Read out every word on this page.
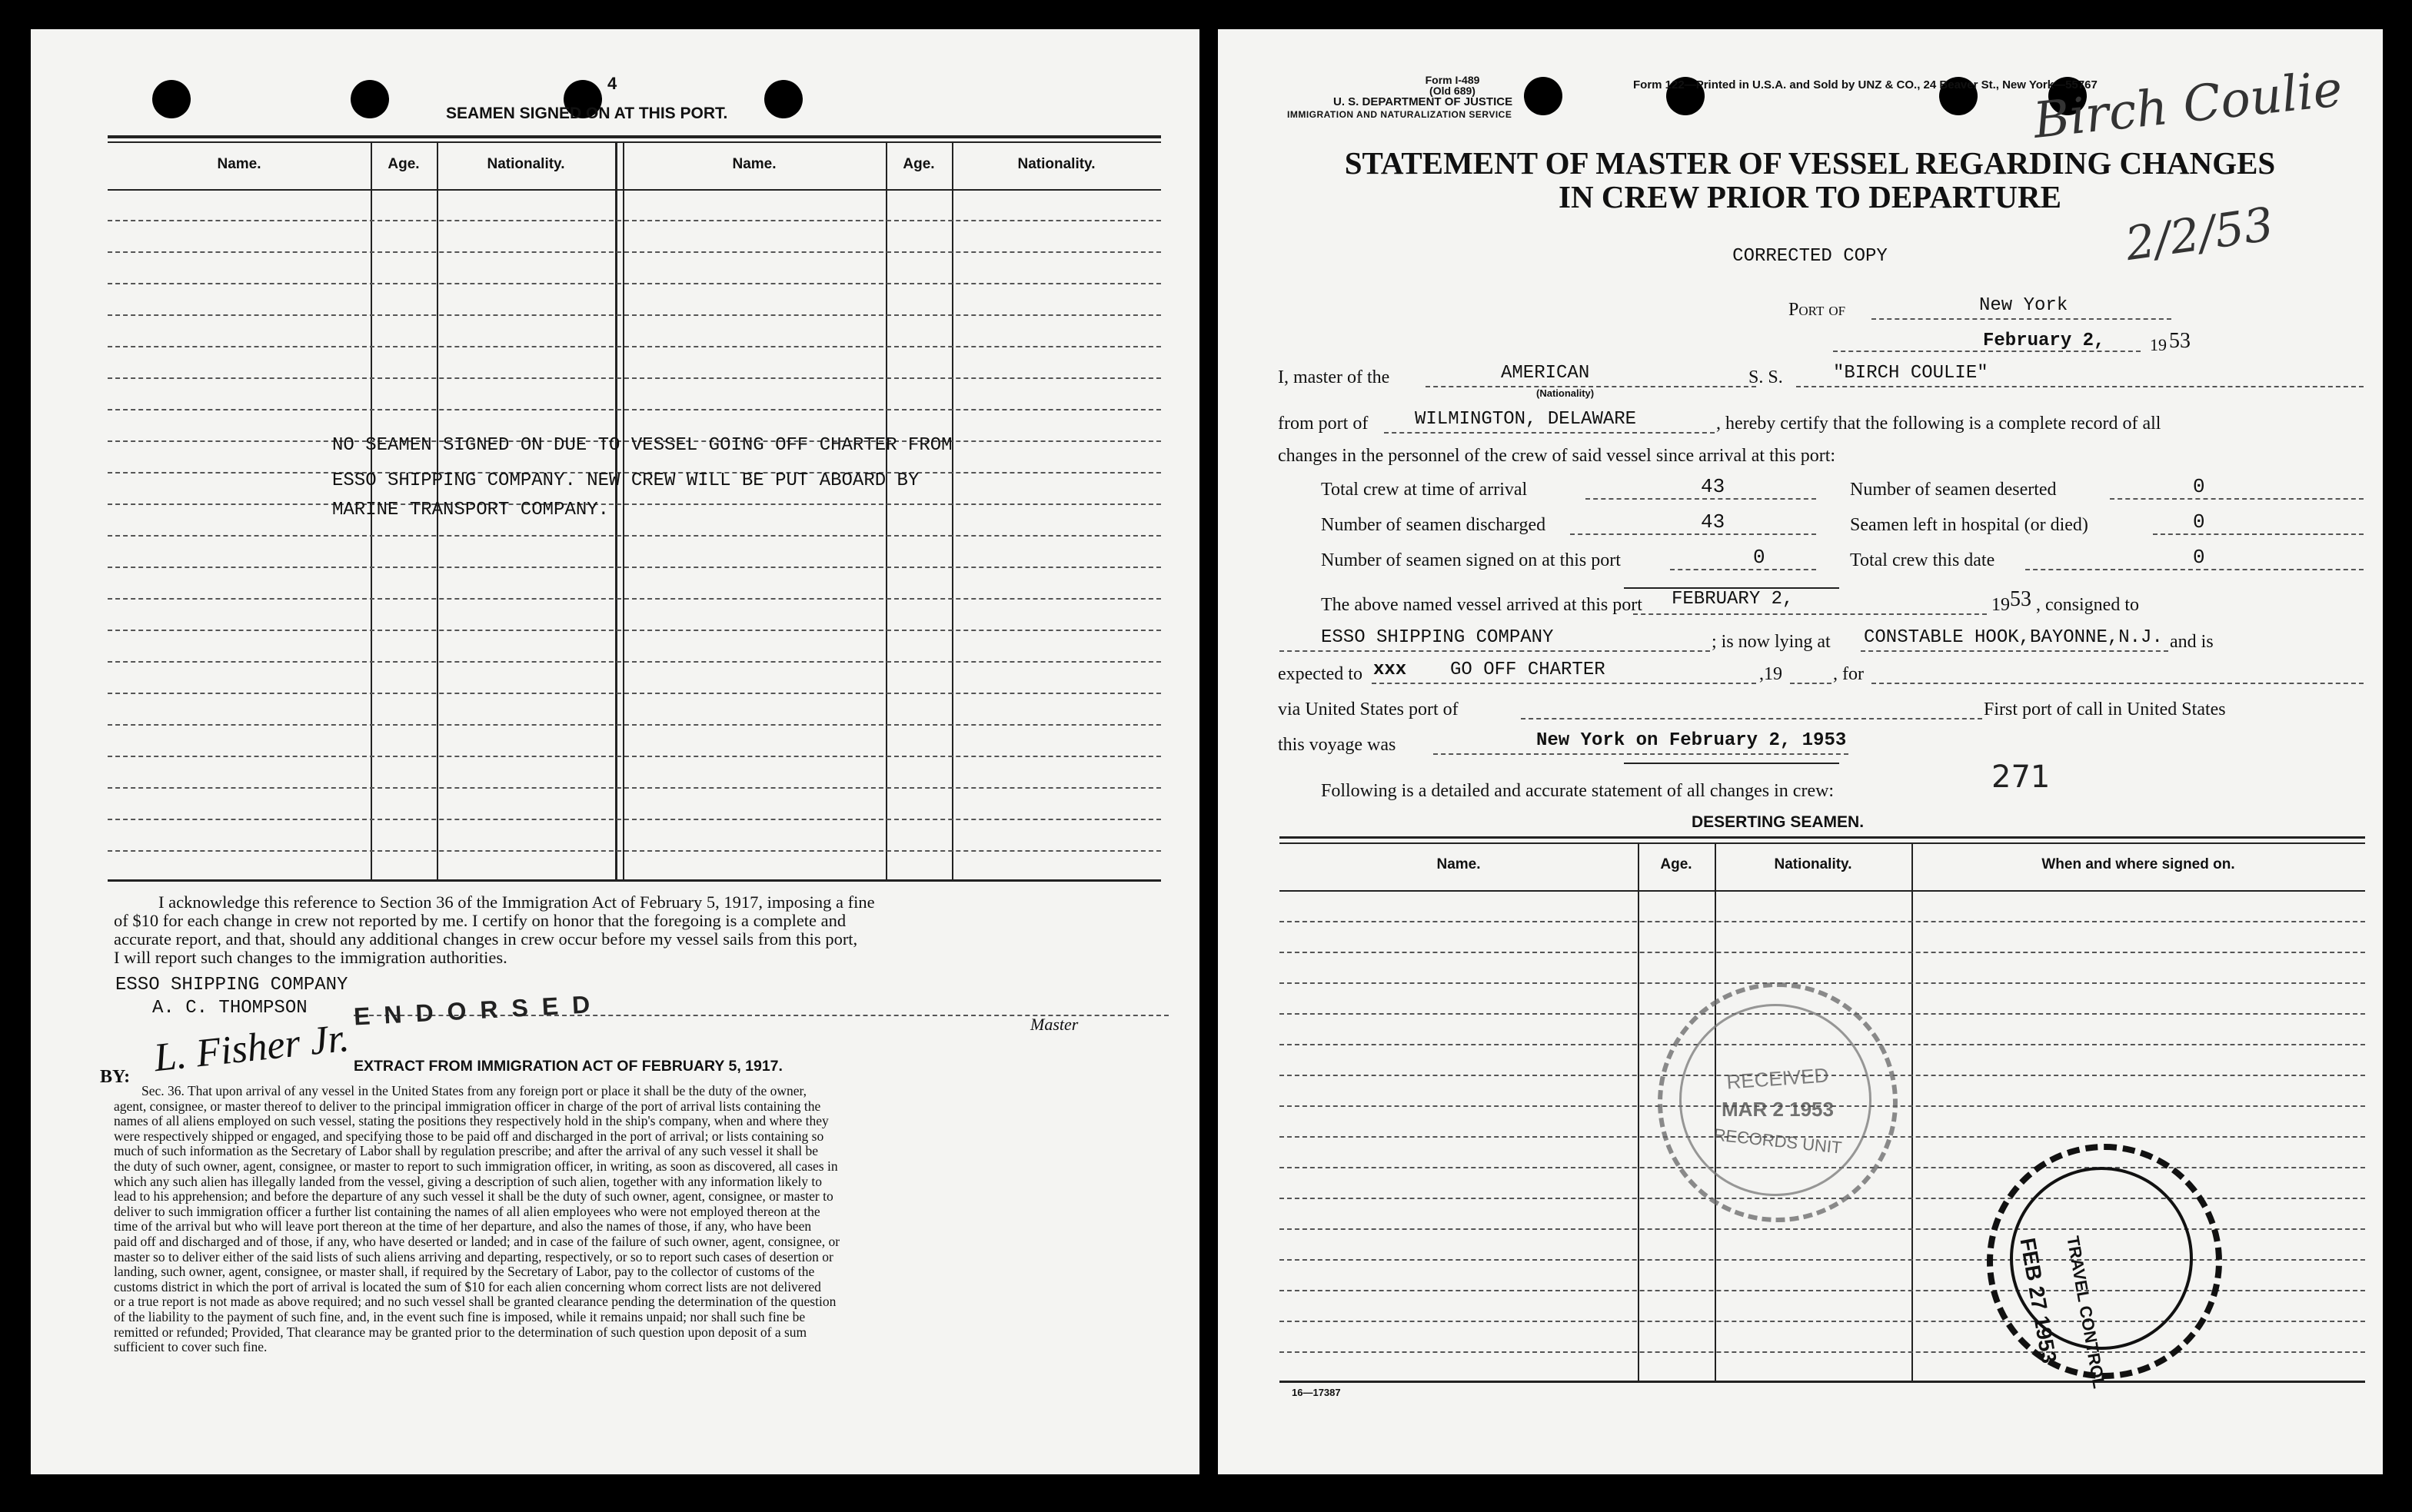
4
SEAMEN SIGNED ON AT THIS PORT.
Name.	Age.	Nationality.	Name.	Age.	Nationality.
NO SEAMEN SIGNED ON DUE TO VESSEL GOING OFF CHARTER FROM
ESSO SHIPPING COMPANY. NEW CREW WILL BE PUT ABOARD BY
MARINE TRANSPORT COMPANY.
I acknowledge this reference to Section 36 of the Immigration Act of February 5, 1917, imposing a fine
of $10 for each change in crew not reported by me. I certify on honor that the foregoing is a complete and
accurate report, and that, should any additional changes in crew occur before my vessel sails from this port,
I will report such changes to the immigration authorities.
ESSO SHIPPING COMPANY
A. C. THOMPSON
Master
BY: L. Fisher Jr.
ENDORSED
EXTRACT FROM IMMIGRATION ACT OF FEBRUARY 5, 1917.
Sec. 36. That upon arrival of any vessel in the United States from any foreign port or place it shall be the duty of the owner,
agent, consignee, or master thereof to deliver to the principal immigration officer in charge of the port of arrival lists containing the
names of all aliens employed on such vessel, stating the positions they respectively hold in the ship's company, when and where they
were respectively shipped or engaged, and specifying those to be paid off and discharged in the port of arrival; or lists containing so
much of such information as the Secretary of Labor shall by regulation prescribe; and after the arrival of any such vessel it shall be
the duty of such owner, agent, consignee, or master to report to such immigration officer, in writing, as soon as discovered, all cases in
which any such alien has illegally landed from the vessel, giving a description of such alien, together with any information likely to
lead to his apprehension; and before the departure of any such vessel it shall be the duty of such owner, agent, consignee, or master to
deliver to such immigration officer a further list containing the names of all alien employees who were not employed thereon at the
time of the arrival but who will leave port thereon at the time of her departure, and also the names of those, if any, who have been
paid off and discharged and of those, if any, who have deserted or landed; and in case of the failure of such owner, agent, consignee, or
master so to deliver either of the said lists of such aliens arriving and departing, respectively, or so to report such cases of desertion or
landing, such owner, agent, consignee, or master shall, if required by the Secretary of Labor, pay to the collector of customs of the
customs district in which the port of arrival is located the sum of $10 for each alien concerning whom correct lists are not delivered
or a true report is not made as above required; and no such vessel shall be granted clearance pending the determination of the question
of the liability to the payment of such fine, and, in the event such fine is imposed, while it remains unpaid; nor shall such fine be
remitted or refunded; Provided, That clearance may be granted prior to the determination of such question upon deposit of a sum
sufficient to cover such fine.
Form I-489
(Old 689)
U. S. DEPARTMENT OF JUSTICE
IMMIGRATION AND NATURALIZATION SERVICE
Form 122—Printed in U.S.A. and Sold by UNZ & CO., 24 Beaver St., New York—55767
Birch Coulie
2/2/53
STATEMENT OF MASTER OF VESSEL REGARDING CHANGES
IN CREW PRIOR TO DEPARTURE
CORRECTED COPY
Port of	New York
February 2,	19 53
I, master of the	AMERICAN
(Nationality)
S. S.	"BIRCH COULIE"
from port of	WILMINGTON, DELAWARE	, hereby certify that the following is a complete record of all
changes in the personnel of the crew of said vessel since arrival at this port:
Total crew at time of arrival	43
Number of seamen discharged	43
Number of seamen signed on at this port	0
Number of seamen deserted	0
Seamen left in hospital (or died)	0
Total crew this date	0
The above named vessel arrived at this port FEBRUARY 2,	19 53 , consigned to
ESSO SHIPPING COMPANY	; is now lying at CONSTABLE HOOK,BAYONNE,N.J. and is
expected to xxx GO OFF CHARTER	,19	, for
via United States port of	First port of call in United States
this voyage was	New York on February 2, 1953
Following is a detailed and accurate statement of all changes in crew:	271
DESERTING SEAMEN.
Name.	Age.	Nationality.	When and where signed on.
RECEIVED
MAR 2 1953
RECORDS UNIT
FEB 27 1953 TRAVEL CONTROL
16—17387
